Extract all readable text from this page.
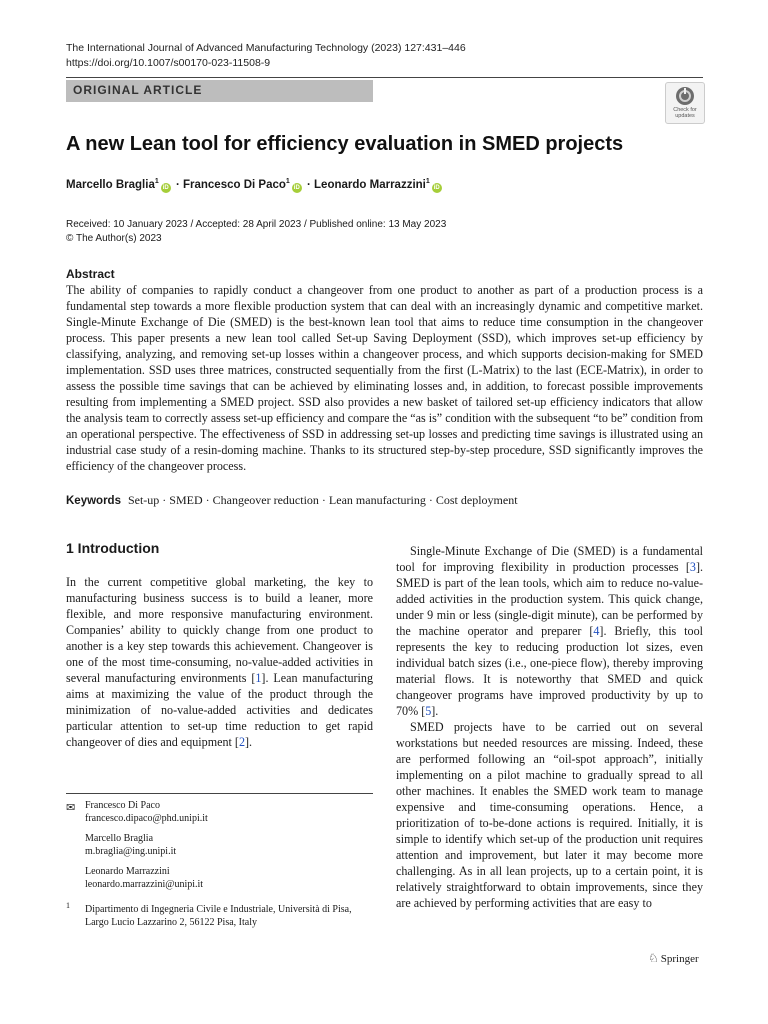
The International Journal of Advanced Manufacturing Technology (2023) 127:431–446
https://doi.org/10.1007/s00170-023-11508-9
ORIGINAL ARTICLE
Check for updates
A new Lean tool for efficiency evaluation in SMED projects
Marcello Braglia$^1$iD · Francesco Di Paco$^1$iD · Leonardo Marrazzini$^1$iD
Received: 10 January 2023 / Accepted: 28 April 2023 / Published online: 13 May 2023
© The Author(s) 2023
Abstract

The ability of companies to rapidly conduct a changeover from one product to another as part of a production process is a fundamental step towards a more flexible production system that can deal with an increasingly dynamic and competitive market. Single-Minute Exchange of Die (SMED) is the best-known lean tool that aims to reduce time consumption in the changeover process. This paper presents a new lean tool called Set-up Saving Deployment (SSD), which improves set-up efficiency by classifying, analyzing, and removing set-up losses within a changeover process, and which supports decision-making for SMED implementation. SSD uses three matrices, constructed sequentially from the first (L-Matrix) to the last (ECE-Matrix), in order to assess the possible time savings that can be achieved by eliminating losses and, in addition, to forecast possible improvements resulting from implementing a SMED project. SSD also provides a new basket of tailored set-up efficiency indicators that allow the analysis team to correctly assess set-up efficiency and compare the “as is” condition with the subsequent “to be” condition from an operational perspective. The effectiveness of SSD in addressing set-up losses and predicting time savings is illustrated using an industrial case study of a resin-doming machine. Thanks to its structured step-by-step procedure, SSD significantly improves the efficiency of the changeover process.

Keywords Set-up · SMED · Changeover reduction · Lean manufacturing · Cost deployment
1 Introduction

In the current competitive global marketing, the key to manufacturing business success is to build a leaner, more flexible, and more responsive manufacturing environment. Companies’ ability to quickly change from one product to another is a key step towards this achievement. Changeover is one of the most time-consuming, no-value-added activities in several manufacturing environments [1]. Lean manufacturing aims at maximizing the value of the product through the minimization of no-value-added activities and dedicates particular attention to set-up time reduction to get rapid changeover of dies and equipment [2].

Single-Minute Exchange of Die (SMED) is a fundamental tool for improving flexibility in production processes [3]. SMED is part of the lean tools, which aim to reduce no-value-added activities in the production system. This quick change, under 9 min or less (single-digit minute), can be performed by the machine operator and preparer [4]. Briefly, this tool represents the key to reducing production lot sizes, even individual batch sizes (i.e., one-piece flow), thereby improving material flows. It is noteworthy that SMED and quick changeover programs have improved productivity by up to 70% [5].

SMED projects have to be carried out on several workstations but needed resources are missing. Indeed, these are performed following an “oil-spot approach”, initially implementing on a pilot machine to gradually spread to all other machines. It enables the SMED work team to manage expensive and time-consuming operations. Hence, a prioritization of to-be-done actions is required. Initially, it is simple to identify which set-up of the production unit requires attention and improvement, but later it may become more challenging. As in all lean projects, up to a certain point, it is relatively straightforward to obtain improvements, since they are achieved by performing activities that are easy to

✉ Francesco Di Paco
francesco.dipaco@phd.unipi.it
Marcello Braglia
m.braglia@ing.unipi.it
Leonardo Marrazzini
leonardo.marrazzini@unipi.it
1 Dipartimento di Ingegneria Civile e Industriale, Università di Pisa, Largo Lucio Lazzarino 2, 56122 Pisa, Italy
♘ Springer
